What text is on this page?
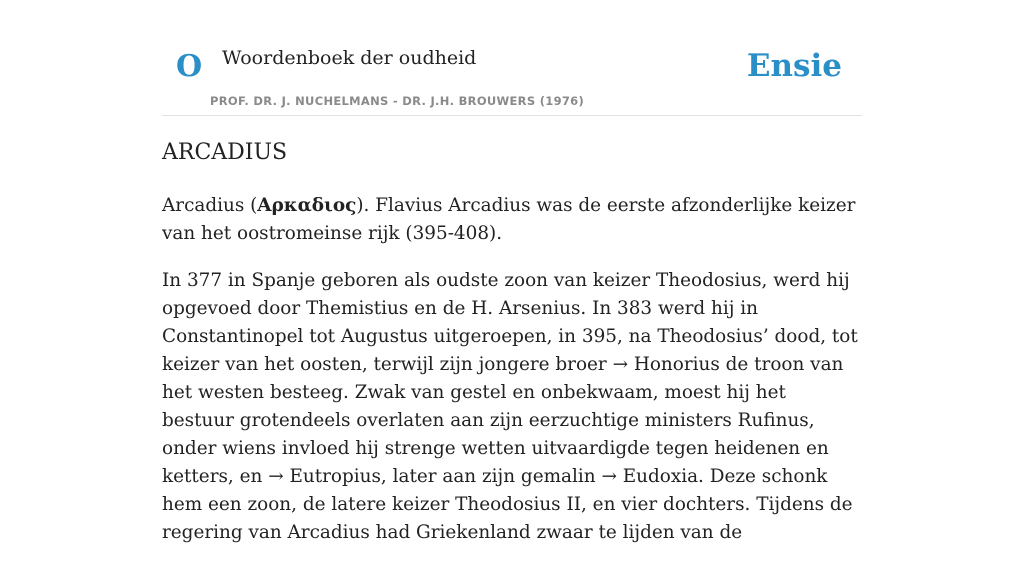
O Woordenboek der oudheid
PROF. DR. J. NUCHELMANS - DR. J.H. BROUWERS (1976)
Ensie
ARCADIUS

Arcadius (Αρκαδιος). Flavius Arcadius was de eerste afzonderlijke keizer van het oostromeinse rijk (395-408).

In 377 in Spanje geboren als oudste zoon van keizer Theodosius, werd hij opgevoed door Themistius en de H. Arsenius. In 383 werd hij in Constantinopel tot Augustus uitgeroepen, in 395, na Theodosius’ dood, tot keizer van het oosten, terwijl zijn jongere broer → Honorius de troon van het westen besteeg. Zwak van gestel en onbekwaam, moest hij het bestuur grotendeels overlaten aan zijn eerzuchtige ministers Rufinus, onder wiens invloed hij strenge wetten uitvaardigde tegen heidenen en ketters, en → Eutropius, later aan zijn gemalin → Eudoxia. Deze schonk hem een zoon, de latere keizer Theodosius II, en vier dochters. Tijdens de regering van Arcadius had Griekenland zwaar te lijden van de
